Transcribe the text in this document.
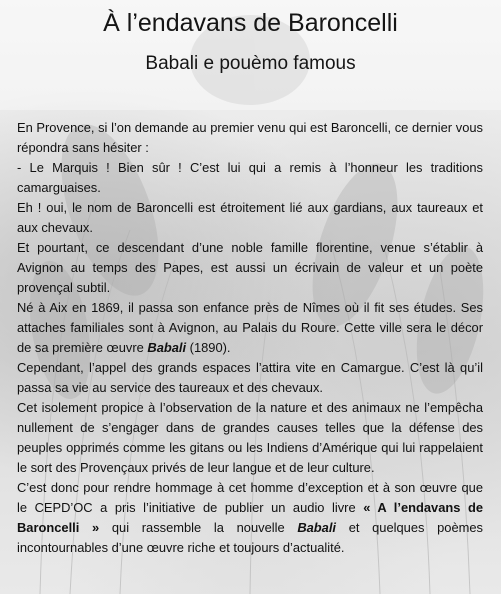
À l’endavans de Baroncelli
Babali e pouèmo famous

En Provence, si l’on demande au premier venu qui est Baroncelli, ce dernier vous répondra sans hésiter :

- Le Marquis ! Bien sûr ! C’est lui qui a remis à l’honneur les traditions camarguaises.

Eh ! oui, le nom de Baroncelli est étroitement lié aux gardians, aux taureaux et aux chevaux.

Et pourtant, ce descendant d’une noble famille florentine, venue s’établir à Avignon au temps des Papes, est aussi un écrivain de valeur et un poète provençal subtil.

Né à Aix en 1869, il passa son enfance près de Nîmes où il fit ses études. Ses attaches familiales sont à Avignon, au Palais du Roure. Cette ville sera le décor de sa première œuvre Babali (1890).

Cependant, l’appel des grands espaces l’attira vite en Camargue. C’est là qu’il passa sa vie au service des taureaux et des chevaux.

Cet isolement propice à l’observation de la nature et des animaux ne l’empêcha nullement de s’engager dans de grandes causes telles que la défense des peuples opprimés comme les gitans ou les Indiens d’Amérique qui lui rappelaient le sort des Provençaux privés de leur langue et de leur culture.

C’est donc pour rendre hommage à cet homme d’exception et à son œuvre que le CEPD’OC a pris l’initiative de publier un audio livre « A l’endavans de Baroncelli » qui rassemble la nouvelle Babali et quelques poèmes incontournables d’une œuvre riche et toujours d’actualité.
